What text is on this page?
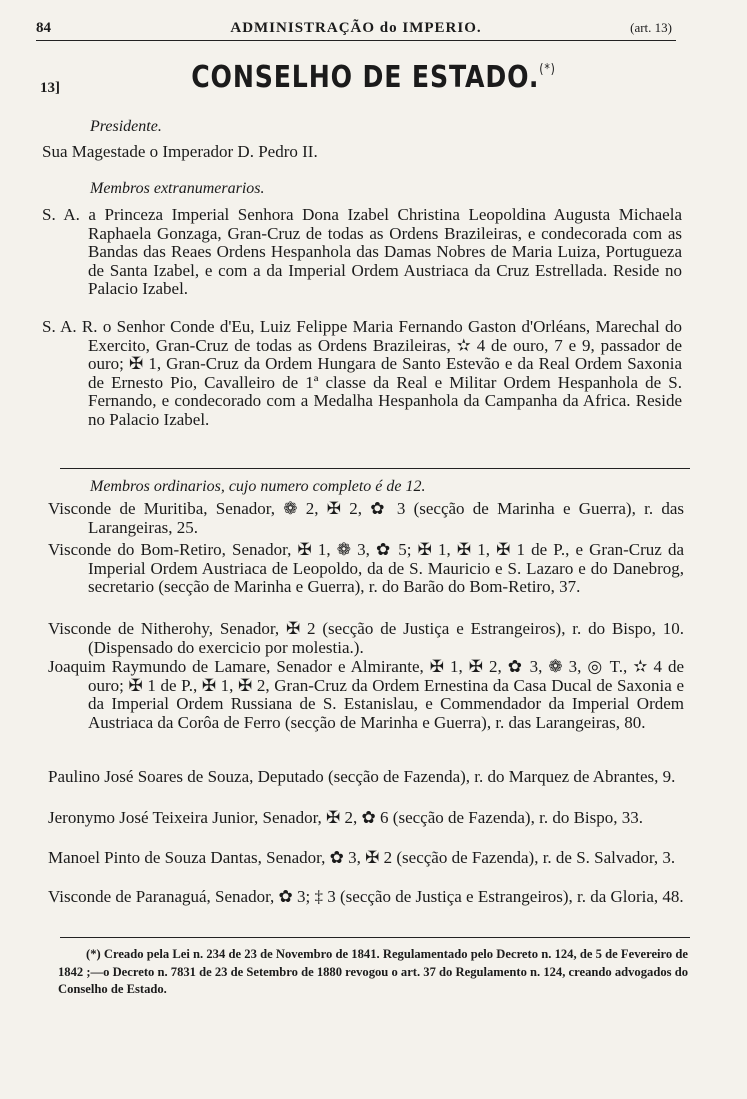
84	ADMINISTRAÇÃO do IMPERIO.	(art. 13)
13]	CONSELHO DE ESTADO.(*)
Presidente.

Sua Magestade o Imperador D. Pedro II.

Membros extranumerarios.

S. A. a Princeza Imperial Senhora Dona Izabel Christina Leopoldina Augusta Michaela Raphaela Gonzaga, Gran-Cruz de todas as Ordens Brazileiras, e condecorada com as Bandas das Reaes Ordens Hespanhola das Damas Nobres de Maria Luiza, Portugueza de Santa Izabel, e com a da Imperial Ordem Austriaca da Cruz Estrellada. Reside no Palacio Izabel.

S. A. R. o Senhor Conde d'Eu, Luiz Felippe Maria Fernando Gaston d'Orléans, Marechal do Exercito, Gran-Cruz de todas as Ordens Brazileiras, ✫ 4 de ouro, 7 e 9, passador de ouro; ✠ 1, Gran-Cruz da Ordem Hungara de Santo Estevão e da Real Ordem Saxonia de Ernesto Pio, Cavalleiro de 1ª classe da Real e Militar Ordem Hespanhola de S. Fernando, e condecorado com a Medalha Hespanhola da Campanha da Africa. Reside no Palacio Izabel.

Membros ordinarios, cujo numero completo é de 12.

Visconde de Muritiba, Senador, ❁ 2, ✠ 2, ✿ 3 (secção de Marinha e Guerra), r. das Larangeiras, 25.

Visconde do Bom-Retiro, Senador, ✠ 1, ❁ 3, ✿ 5; ✠ 1, ✠ 1, ✠ 1 de P., e Gran-Cruz da Imperial Ordem Austriaca de Leopoldo, da de S. Mauricio e S. Lazaro e do Danebrog, secretario (secção de Marinha e Guerra), r. do Barão do Bom-Retiro, 37.

Visconde de Nitherohy, Senador, ✠ 2 (secção de Justiça e Estrangeiros), r. do Bispo, 10. (Dispensado do exercicio por molestia.).

Joaquim Raymundo de Lamare, Senador e Almirante, ✠ 1, ✠ 2, ✿ 3, ❁ 3, ◎ T., ✫ 4 de ouro; ✠ 1 de P., ✠ 1, ✠ 2, Gran-Cruz da Ordem Ernestina da Casa Ducal de Saxonia e da Imperial Ordem Russiana de S. Estanislau, e Commendador da Imperial Ordem Austriaca da Corôa de Ferro (secção de Marinha e Guerra), r. das Larangeiras, 80.

Paulino José Soares de Souza, Deputado (secção de Fazenda), r. do Marquez de Abrantes, 9.

Jeronymo José Teixeira Junior, Senador, ✠ 2, ✿ 6 (secção de Fazenda), r. do Bispo, 33.

Manoel Pinto de Souza Dantas, Senador, ✿ 3, ✠ 2 (secção de Fazenda), r. de S. Salvador, 3.

Visconde de Paranaguá, Senador, ✿ 3; ‡ 3 (secção de Justiça e Estrangeiros), r. da Gloria, 48.

(*) Creado pela Lei n. 234 de 23 de Novembro de 1841. Regulamentado pelo Decreto n. 124, de 5 de Fevereiro de 1842 ;—o Decreto n. 7831 de 23 de Setembro de 1880 revogou o art. 37 do Regulamento n. 124, creando advogados do Conselho de Estado.
